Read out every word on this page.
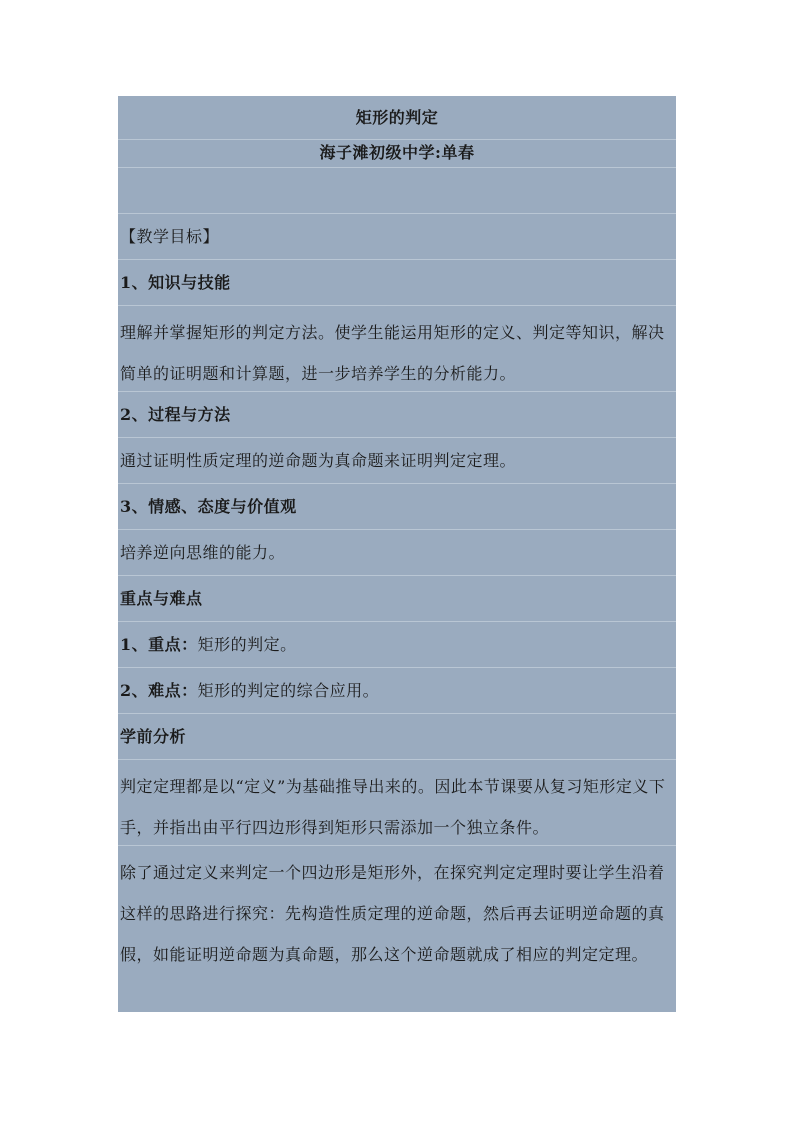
矩形的判定
海子滩初级中学:单春
【教学目标】
1、知识与技能
理解并掌握矩形的判定方法。使学生能运用矩形的定义、判定等知识，解决简单的证明题和计算题，进一步培养学生的分析能力。
2、过程与方法
通过证明性质定理的逆命题为真命题来证明判定定理。
3、情感、态度与价值观
培养逆向思维的能力。
重点与难点
1、重点：矩形的判定。
2、难点：矩形的判定的综合应用。
学前分析
判定定理都是以“定义”为基础推导出来的。因此本节课要从复习矩形定义下手，并指出由平行四边形得到矩形只需添加一个独立条件。
除了通过定义来判定一个四边形是矩形外，在探究判定定理时要让学生沿着这样的思路进行探究：先构造性质定理的逆命题，然后再去证明逆命题的真假，如能证明逆命题为真命题，那么这个逆命题就成了相应的判定定理。
